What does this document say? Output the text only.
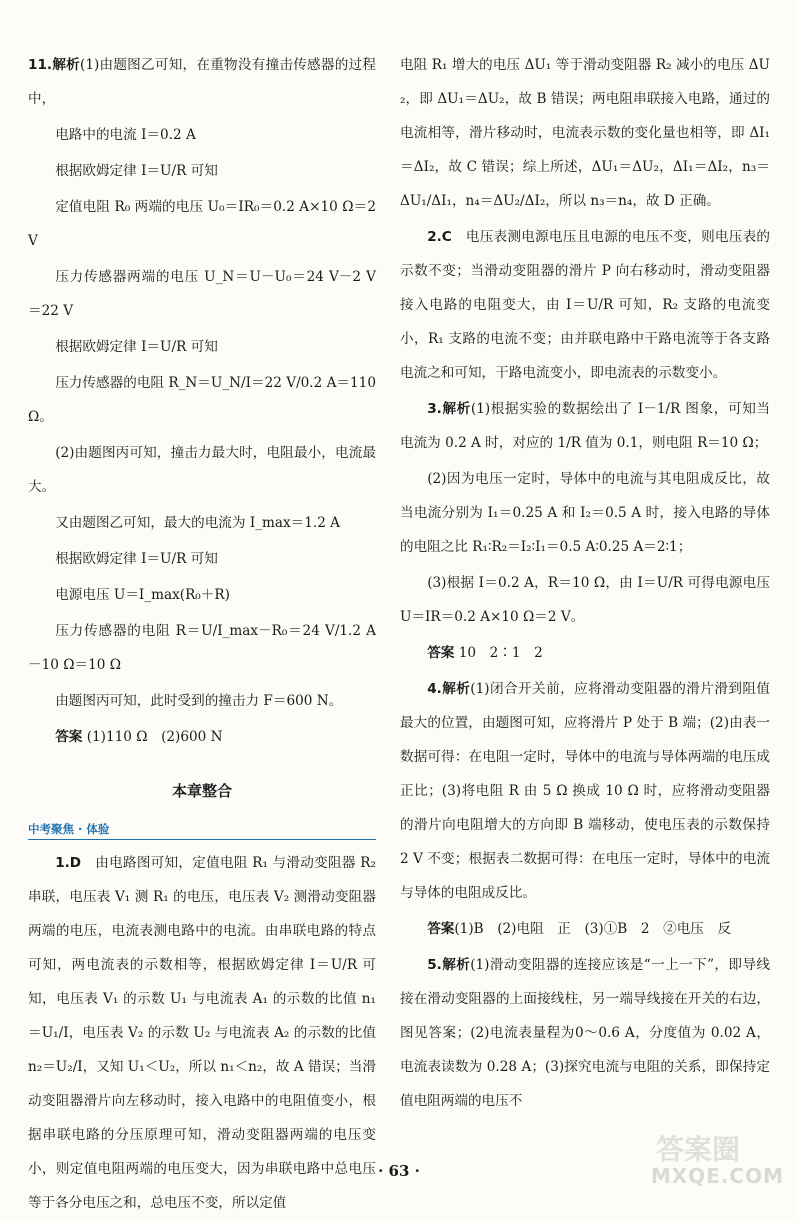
11.解析(1)由题图乙可知，在重物没有撞击传感器的过程中，

电路中的电流 I＝0.2 A

根据欧姆定律 I＝U/R 可知

定值电阻 R₀ 两端的电压 U₀＝IR₀＝0.2 A×10 Ω＝2 V

压力传感器两端的电压 U_N＝U－U₀＝24 V－2 V＝22 V

根据欧姆定律 I＝U/R 可知

压力传感器的电阻 R_N＝U_N/I＝22 V/0.2 A＝110 Ω。

(2)由题图丙可知，撞击力最大时，电阻最小，电流最大。

又由题图乙可知，最大的电流为 I_max＝1.2 A

根据欧姆定律 I＝U/R 可知

电源电压 U＝I_max(R₀＋R)

压力传感器的电阻 R＝U/I_max－R₀＝24 V/1.2 A－10 Ω＝10 Ω

由题图丙可知，此时受到的撞击力 F＝600 N。

答案 (1)110 Ω　(2)600 N

本章整合
中考聚焦 · 体验

1.D　由电路图可知，定值电阻 R₁ 与滑动变阻器 R₂ 串联，电压表 V₁ 测 R₁ 的电压，电压表 V₂ 测滑动变阻器两端的电压，电流表测电路中的电流。由串联电路的特点可知，两电流表的示数相等，根据欧姆定律 I＝U/R 可知，电压表 V₁ 的示数 U₁ 与电流表 A₁ 的示数的比值 n₁＝U₁/I，电压表 V₂ 的示数 U₂ 与电流表 A₂ 的示数的比值 n₂＝U₂/I，又知 U₁＜U₂，所以 n₁＜n₂，故 A 错误；当滑动变阻器滑片向左移动时，接入电路中的电阻值变小，根据串联电路的分压原理可知，滑动变阻器两端的电压变小，则定值电阻两端的电压变大，因为串联电路中总电压等于各分电压之和，总电压不变，所以定值

电阻 R₁ 增大的电压 ΔU₁ 等于滑动变阻器 R₂ 减小的电压 ΔU₂，即 ΔU₁＝ΔU₂，故 B 错误；两电阻串联接入电路，通过的电流相等，滑片移动时，电流表示数的变化量也相等，即 ΔI₁＝ΔI₂，故 C 错误；综上所述，ΔU₁＝ΔU₂，ΔI₁＝ΔI₂，n₃＝ΔU₁/ΔI₁，n₄＝ΔU₂/ΔI₂，所以 n₃＝n₄，故 D 正确。

2.C　电压表测电源电压且电源的电压不变，则电压表的示数不变；当滑动变阻器的滑片 P 向右移动时，滑动变阻器接入电路的电阻变大，由 I＝U/R 可知，R₂ 支路的电流变小，R₁ 支路的电流不变；由并联电路中干路电流等于各支路电流之和可知，干路电流变小，即电流表的示数变小。

3.解析(1)根据实验的数据绘出了 I－1/R 图象，可知当电流为 0.2 A 时，对应的 1/R 值为 0.1，则电阻 R＝10 Ω；

(2)因为电压一定时，导体中的电流与其电阻成反比，故当电流分别为 I₁＝0.25 A 和 I₂＝0.5 A 时，接入电路的导体的电阻之比 R₁∶R₂＝I₂∶I₁＝0.5 A∶0.25 A＝2∶1；

(3)根据 I＝0.2 A，R＝10 Ω，由 I＝U/R 可得电源电压 U＝IR＝0.2 A×10 Ω＝2 V。

答案 10　2∶1　2

4.解析(1)闭合开关前，应将滑动变阻器的滑片滑到阻值最大的位置，由题图可知，应将滑片 P 处于 B 端；(2)由表一数据可得：在电阻一定时，导体中的电流与导体两端的电压成正比；(3)将电阻 R 由 5 Ω 换成 10 Ω 时，应将滑动变阻器的滑片向电阻增大的方向即 B 端移动，使电压表的示数保持 2 V 不变；根据表二数据可得：在电压一定时，导体中的电流与导体的电阻成反比。

答案(1)B　(2)电阻　正　(3)①B　2　②电压　反

5.解析(1)滑动变阻器的连接应该是“一上一下”，即导线接在滑动变阻器的上面接线柱，另一端导线接在开关的右边，图见答案；(2)电流表量程为0～0.6 A，分度值为 0.02 A，电流表读数为 0.28 A；(3)探究电流与电阻的关系，即保持定值电阻两端的电压不

· 63 ·
答案圈
MXQE.COM
